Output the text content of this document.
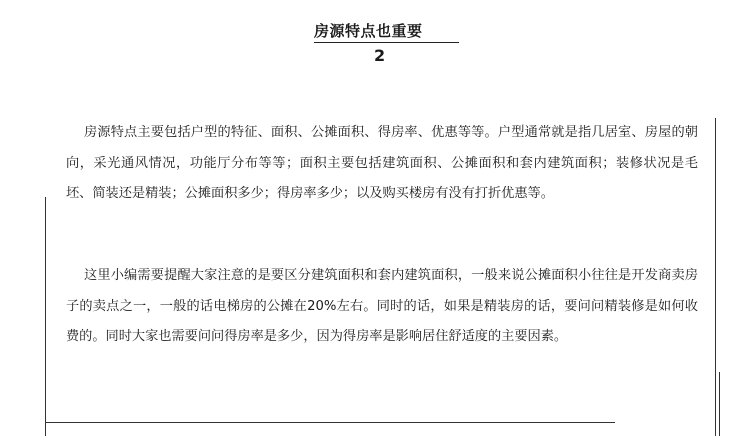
房源特点也重要
2

房源特点主要包括户型的特征、面积、公摊面积、得房率、优惠等等。户型通常就是指几居室、房屋的朝向，采光通风情况，功能厅分布等等；面积主要包括建筑面积、公摊面积和套内建筑面积；装修状况是毛坯、简装还是精装；公摊面积多少；得房率多少；以及购买楼房有没有打折优惠等。

这里小编需要提醒大家注意的是要区分建筑面积和套内建筑面积，一般来说公摊面积小往往是开发商卖房子的卖点之一，一般的话电梯房的公摊在20%左右。同时的话，如果是精装房的话，要问问精装修是如何收费的。同时大家也需要问问得房率是多少，因为得房率是影响居住舒适度的主要因素。
